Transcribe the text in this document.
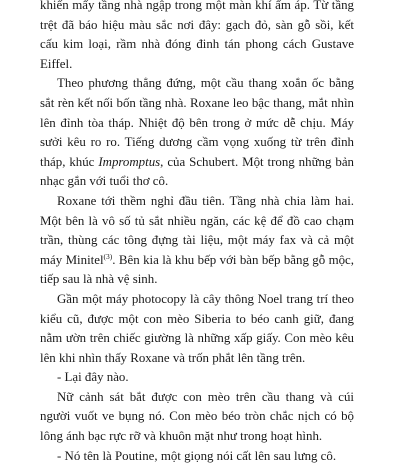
khiến mấy tầng nhà ngập trong một màn khí ấm áp. Từ tầng trệt đã báo hiệu màu sắc nơi đây: gạch đỏ, sàn gỗ sồi, kết cấu kim loại, rầm nhà đóng đinh tán phong cách Gustave Eiffel.

Theo phương thẳng đứng, một cầu thang xoắn ốc bằng sắt rèn kết nối bốn tầng nhà. Roxane leo bậc thang, mắt nhìn lên đỉnh tòa tháp. Nhiệt độ bên trong ở mức dễ chịu. Máy sưởi kêu ro ro. Tiếng dương cầm vọng xuống từ trên đỉnh tháp, khúc Impromptus, của Schubert. Một trong những bản nhạc gắn với tuổi thơ cô.

Roxane tới thềm nghỉ đầu tiên. Tầng nhà chia làm hai. Một bên là vô số tủ sắt nhiều ngăn, các kệ để đồ cao chạm trần, thùng các tông đựng tài liệu, một máy fax và cả một máy Minitel$^{(3)}$. Bên kia là khu bếp với bàn bếp bằng gỗ mộc, tiếp sau là nhà vệ sinh.

Gần một máy photocopy là cây thông Noel trang trí theo kiểu cũ, được một con mèo Siberia to béo canh giữ, đang nằm ườn trên chiếc giường là những xấp giấy. Con mèo kêu lên khi nhìn thấy Roxane và trốn phắt lên tầng trên.

- Lại đây nào.

Nữ cảnh sát bắt được con mèo trên cầu thang và cúi người vuốt ve bụng nó. Con mèo béo tròn chắc nịch có bộ lông ánh bạc rực rỡ và khuôn mặt như trong hoạt hình.

- Nó tên là Poutine, một giọng nói cất lên sau lưng cô.
